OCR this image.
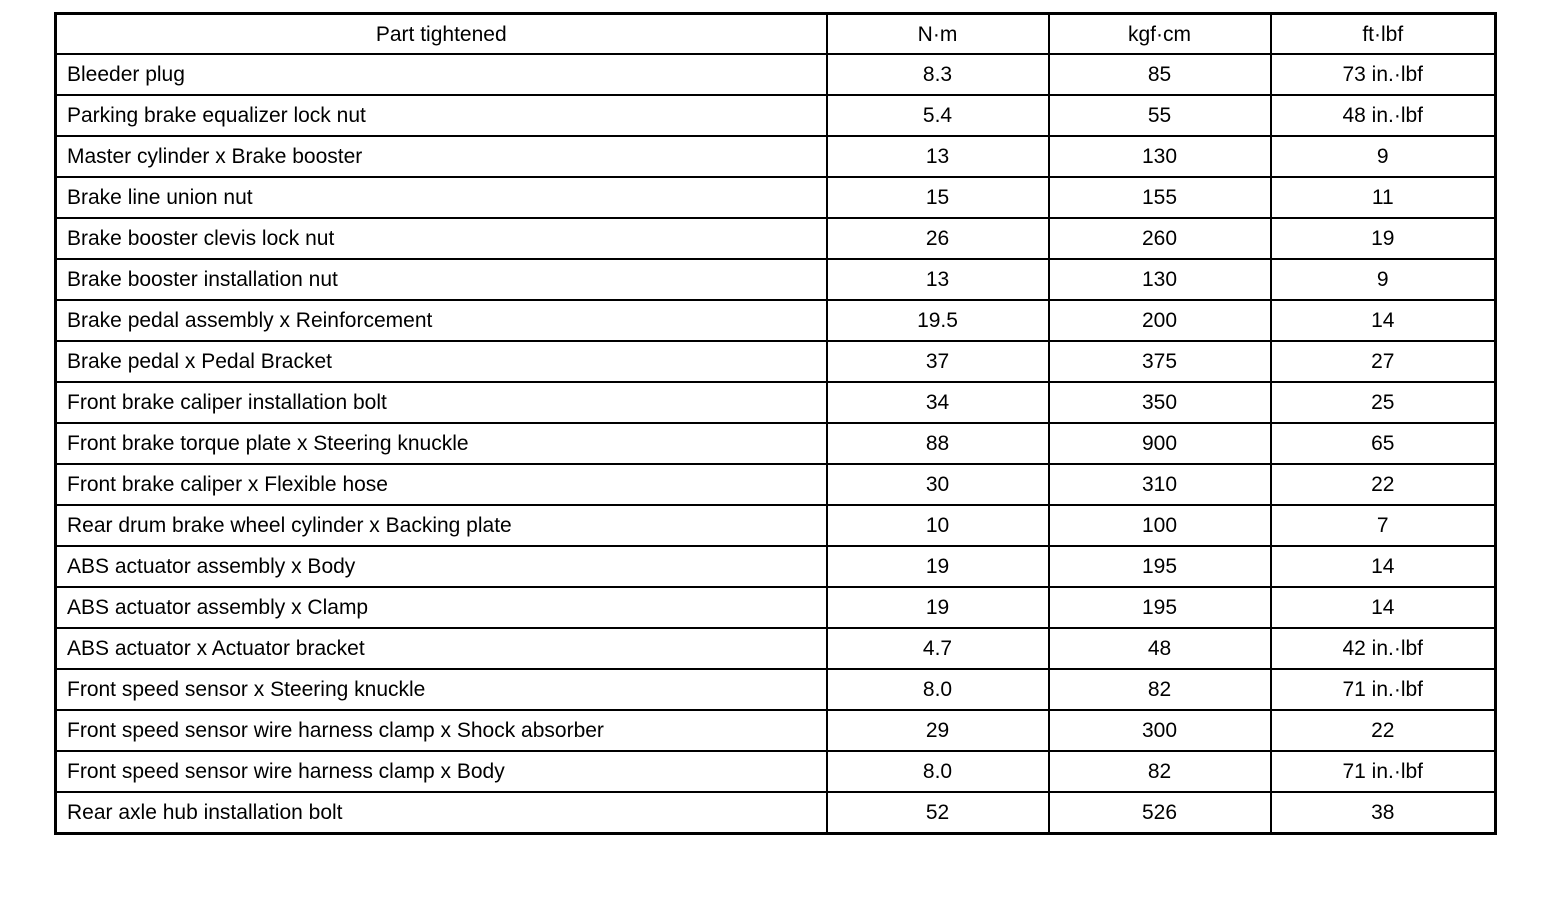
Part tightened	N·m	kgf·cm	ft·lbf
Bleeder plug	8.3	85	73 in.·lbf
Parking brake equalizer lock nut	5.4	55	48 in.·lbf
Master cylinder x Brake booster	13	130	9
Brake line union nut	15	155	11
Brake booster clevis lock nut	26	260	19
Brake booster installation nut	13	130	9
Brake pedal assembly x Reinforcement	19.5	200	14
Brake pedal x Pedal Bracket	37	375	27
Front brake caliper installation bolt	34	350	25
Front brake torque plate x Steering knuckle	88	900	65
Front brake caliper x Flexible hose	30	310	22
Rear drum brake wheel cylinder x Backing plate	10	100	7
ABS actuator assembly x Body	19	195	14
ABS actuator assembly x Clamp	19	195	14
ABS actuator x Actuator bracket	4.7	48	42 in.·lbf
Front speed sensor x Steering knuckle	8.0	82	71 in.·lbf
Front speed sensor wire harness clamp x Shock absorber	29	300	22
Front speed sensor wire harness clamp x Body	8.0	82	71 in.·lbf
Rear axle hub installation bolt	52	526	38
